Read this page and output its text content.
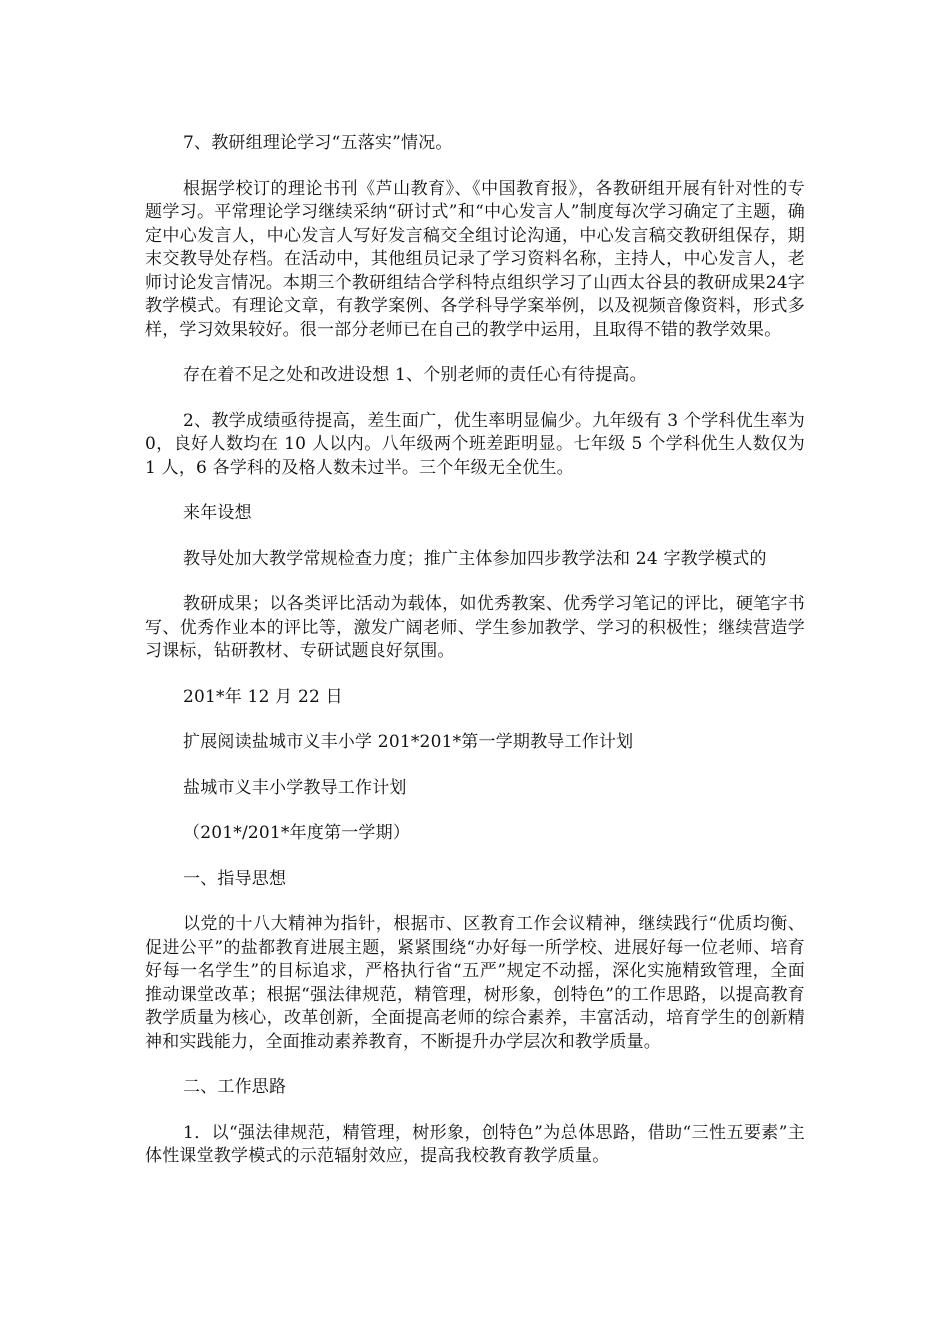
7、教研组理论学习“五落实”情况。

根据学校订的理论书刊《芦山教育》、《中国教育报》，各教研组开展有针对性的专题学习。平常理论学习继续采纳“研讨式”和“中心发言人”制度每次学习确定了主题，确定中心发言人，中心发言人写好发言稿交全组讨论沟通，中心发言稿交教研组保存，期末交教导处存档。在活动中，其他组员记录了学习资料名称，主持人，中心发言人，老师讨论发言情况。本期三个教研组结合学科特点组织学习了山西太谷县的教研成果24字教学模式。有理论文章，有教学案例、各学科导学案举例，以及视频音像资料，形式多样，学习效果较好。很一部分老师已在自己的教学中运用，且取得不错的教学效果。

存在着不足之处和改进设想 1、个别老师的责任心有待提高。

2、教学成绩亟待提高，差生面广，优生率明显偏少。九年级有 3 个学科优生率为 0，良好人数均在 10 人以内。八年级两个班差距明显。七年级 5 个学科优生人数仅为 1 人，6 各学科的及格人数未过半。三个年级无全优生。

来年设想

教导处加大教学常规检查力度；推广主体参加四步教学法和 24 字教学模式的

教研成果；以各类评比活动为载体，如优秀教案、优秀学习笔记的评比，硬笔字书写、优秀作业本的评比等，激发广阔老师、学生参加教学、学习的积极性；继续营造学习课标，钻研教材、专研试题良好氛围。

201*年 12 月 22 日

扩展阅读盐城市义丰小学 201*201*第一学期教导工作计划

盐城市义丰小学教导工作计划

（201*/201*年度第一学期）

一、指导思想

以党的十八大精神为指针，根据市、区教育工作会议精神，继续践行“优质均衡、促进公平”的盐都教育进展主题，紧紧围绕“办好每一所学校、进展好每一位老师、培育好每一名学生”的目标追求，严格执行省“五严”规定不动摇，深化实施精致管理，全面推动课堂改革；根据“强法律规范，精管理，树形象，创特色”的工作思路，以提高教育教学质量为核心，改革创新，全面提高老师的综合素养，丰富活动，培育学生的创新精神和实践能力，全面推动素养教育，不断提升办学层次和教学质量。

二、工作思路

1．以“强法律规范，精管理，树形象，创特色”为总体思路，借助“三性五要素”主体性课堂教学模式的示范辐射效应，提高我校教育教学质量。
